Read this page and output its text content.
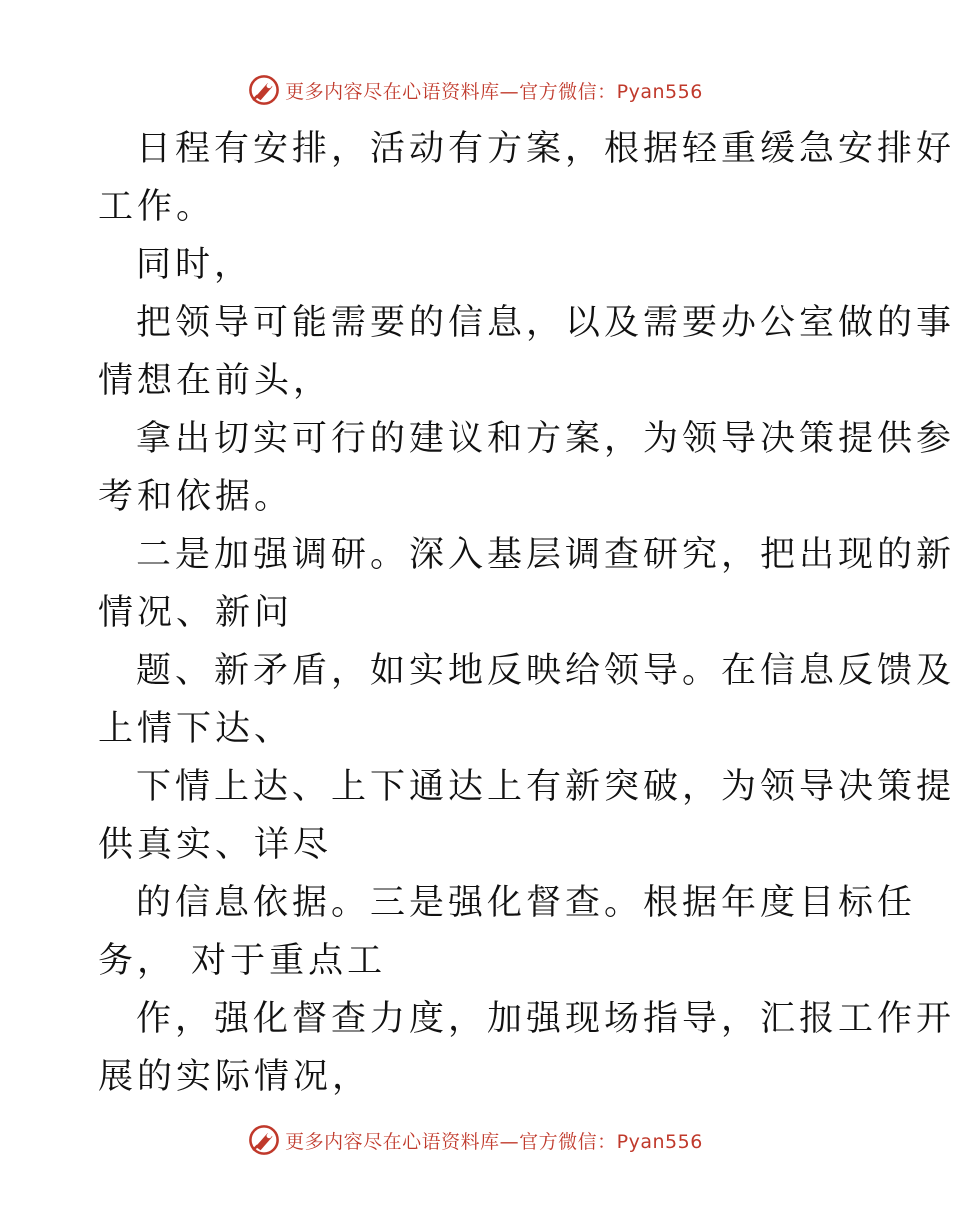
更多内容尽在心语资料库—官方微信：Pyan556
日程有安排，活动有方案，根据轻重缓急安排好
工作。
同时，
把领导可能需要的信息，以及需要办公室做的事
情想在前头，
拿出切实可行的建议和方案，为领导决策提供参
考和依据。
二是加强调研。深入基层调查研究，把出现的新
情况、新问
题、新矛盾，如实地反映给领导。在信息反馈及
上情下达、
下情上达、上下通达上有新突破，为领导决策提
供真实、详尽
的信息依据。三是强化督查。根据年度目标任
务， 对于重点工
作，强化督查力度，加强现场指导，汇报工作开
展的实际情况，
更多内容尽在心语资料库—官方微信：Pyan556
